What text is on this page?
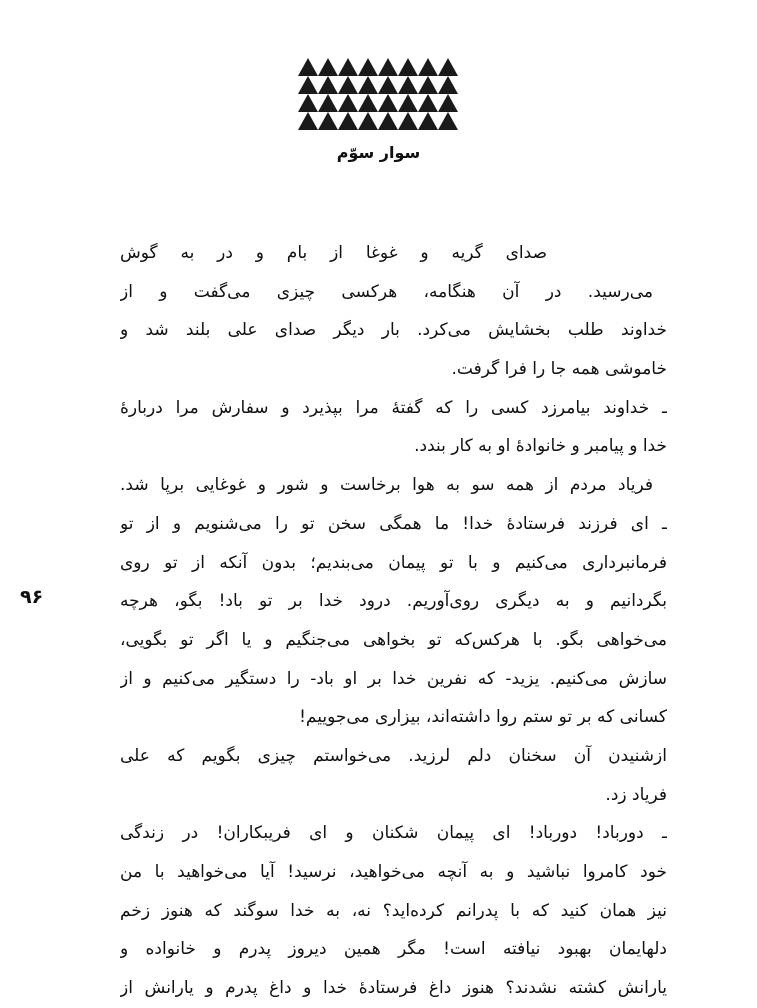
سوار سوّم
۹۶
صدای گریه و غوغا از بام و در به گوش
می‌رسید. در آن هنگامه، هرکسی چیزی می‌گفت و از
خداوند طلب بخشایش می‌کرد. بار دیگر صدای علی بلند شد و
خاموشی همه جا را فرا گرفت.
ـ خداوند بیامرزد کسی را که گفتهٔ مرا بپذیرد و سفارش مرا دربارهٔ
خدا و پیامبر و خانوادهٔ او به کار بندد.
فریاد مردم از همه سو به هوا برخاست و شور و غوغایی برپا شد.
ـ ای فرزند فرستادهٔ خدا! ما همگی سخن تو را می‌شنویم و از تو
فرمانبرداری می‌کنیم و با تو پیمان می‌بندیم؛ بدون آنکه از تو روی
بگردانیم و به دیگری روی‌آوریم. درود خدا بر تو باد! بگو، هرچه
می‌خواهی بگو. با هرکس‌که تو بخواهی می‌جنگیم و یا اگر تو بگویی،
سازش می‌کنیم. یزید- که نفرین خدا بر او باد- را دستگیر می‌کنیم و از
کسانی که بر تو ستم روا داشته‌اند، بیزاری می‌جوییم!
ازشنیدن آن سخنان دلم لرزید. می‌خواستم چیزی بگویم که علی
فریاد زد.
ـ دورباد! دورباد! ای پیمان شکنان و ای فریبکاران! در زندگی
خود کامروا نباشید و به آنچه می‌خواهید، نرسید! آیا می‌خواهید با من
نیز همان کنید که با پدرانم کرده‌اید؟ نه، به خدا سوگند که هنوز زخم
دلهایمان بهبود نیافته است! مگر همین دیروز پدرم و خانواده و
یارانش کشته نشدند؟ هنوز داغ فرستادهٔ خدا و داغ پدرم و یارانش از
